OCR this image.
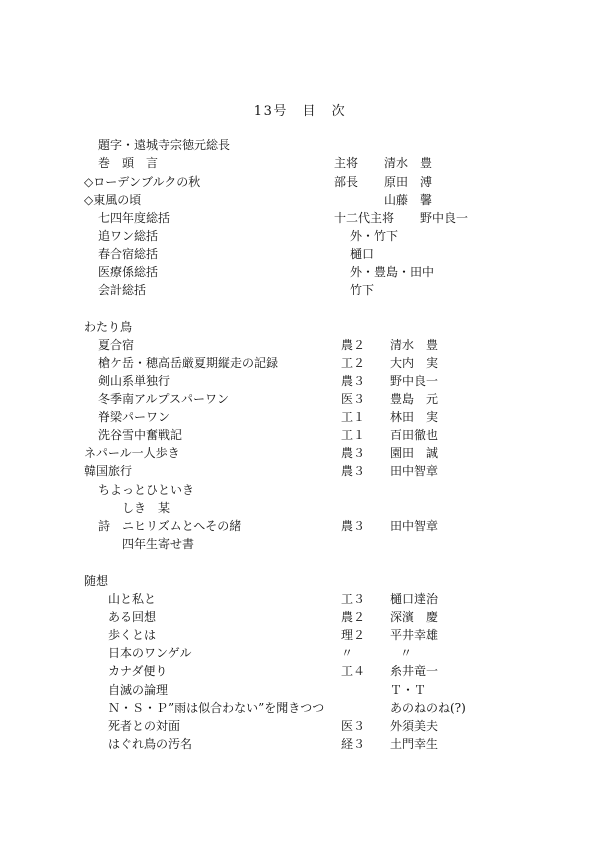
13号　目　次
題字・遠城寺宗徳元総長
巻　頭　言	主将 清水　豊
◇ローデンブルクの秋	部長 原田　溥
◇東風の頃	山藤　馨
七四年度総括	十二代主将 野中良一
追ワン総括	外・竹下
春合宿総括	樋口
医療係総括	外・豊島・田中
会計総括	竹下
わたり鳥
夏合宿	農２ 清水　豊
槍ケ岳・穂高岳厳夏期縦走の記録	工２ 大内　実
剣山系単独行	農３ 野中良一
冬季南アルプスパーワン	医３ 豊島　元
脊梁パーワン	工１ 林田　実
洗谷雪中奮戦記	工１ 百田徹也
ネパール一人歩き	農３ 園田　誠
韓国旅行	農３ 田中智章
ちよっとひといき
しき　某
詩　ニヒリズムとへその緒	農３ 田中智章
四年生寄せ書
随想
山と私と	工３ 樋口達治
ある回想	農２ 深濱　慶
歩くとは	理２ 平井幸雄
日本のワンゲル	〃	〃
カナダ便り	工４ 糸井竜一
自滅の論理	Ｔ・Ｔ
Ｎ・Ｓ・Ｐ”雨は似合わない”を聞きつつ	あのねのね(?)
死者との対面	医３ 外須美夫
はぐれ鳥の汚名	経３ 土門幸生
